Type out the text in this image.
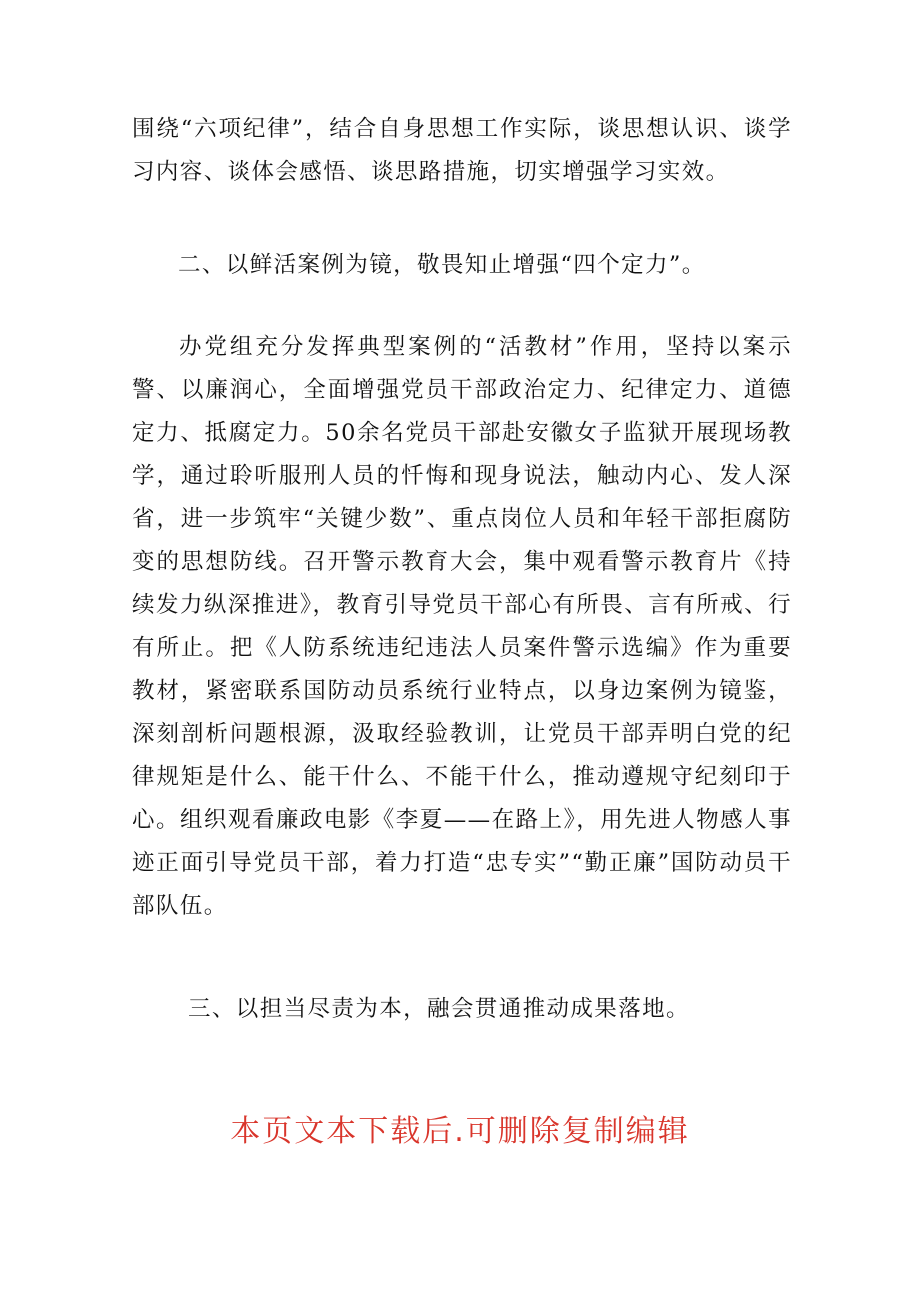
围绕“六项纪律”，结合自身思想工作实际，谈思想认识、谈学习内容、谈体会感悟、谈思路措施，切实增强学习实效。

二、以鲜活案例为镜，敬畏知止增强“四个定力”。

办党组充分发挥典型案例的“活教材”作用，坚持以案示警、以廉润心，全面增强党员干部政治定力、纪律定力、道德定力、抵腐定力。50余名党员干部赴安徽女子监狱开展现场教学，通过聆听服刑人员的忏悔和现身说法，触动内心、发人深省，进一步筑牢“关键少数”、重点岗位人员和年轻干部拒腐防变的思想防线。召开警示教育大会，集中观看警示教育片《持续发力纵深推进》，教育引导党员干部心有所畏、言有所戒、行有所止。把《人防系统违纪违法人员案件警示选编》作为重要教材，紧密联系国防动员系统行业特点，以身边案例为镜鉴，深刻剖析问题根源，汲取经验教训，让党员干部弄明白党的纪律规矩是什么、能干什么、不能干什么，推动遵规守纪刻印于心。组织观看廉政电影《李夏——在路上》，用先进人物感人事迹正面引导党员干部，着力打造“忠专实”“勤正廉”国防动员干部队伍。

三、以担当尽责为本，融会贯通推动成果落地。

本页文本下载后.可删除复制编辑
